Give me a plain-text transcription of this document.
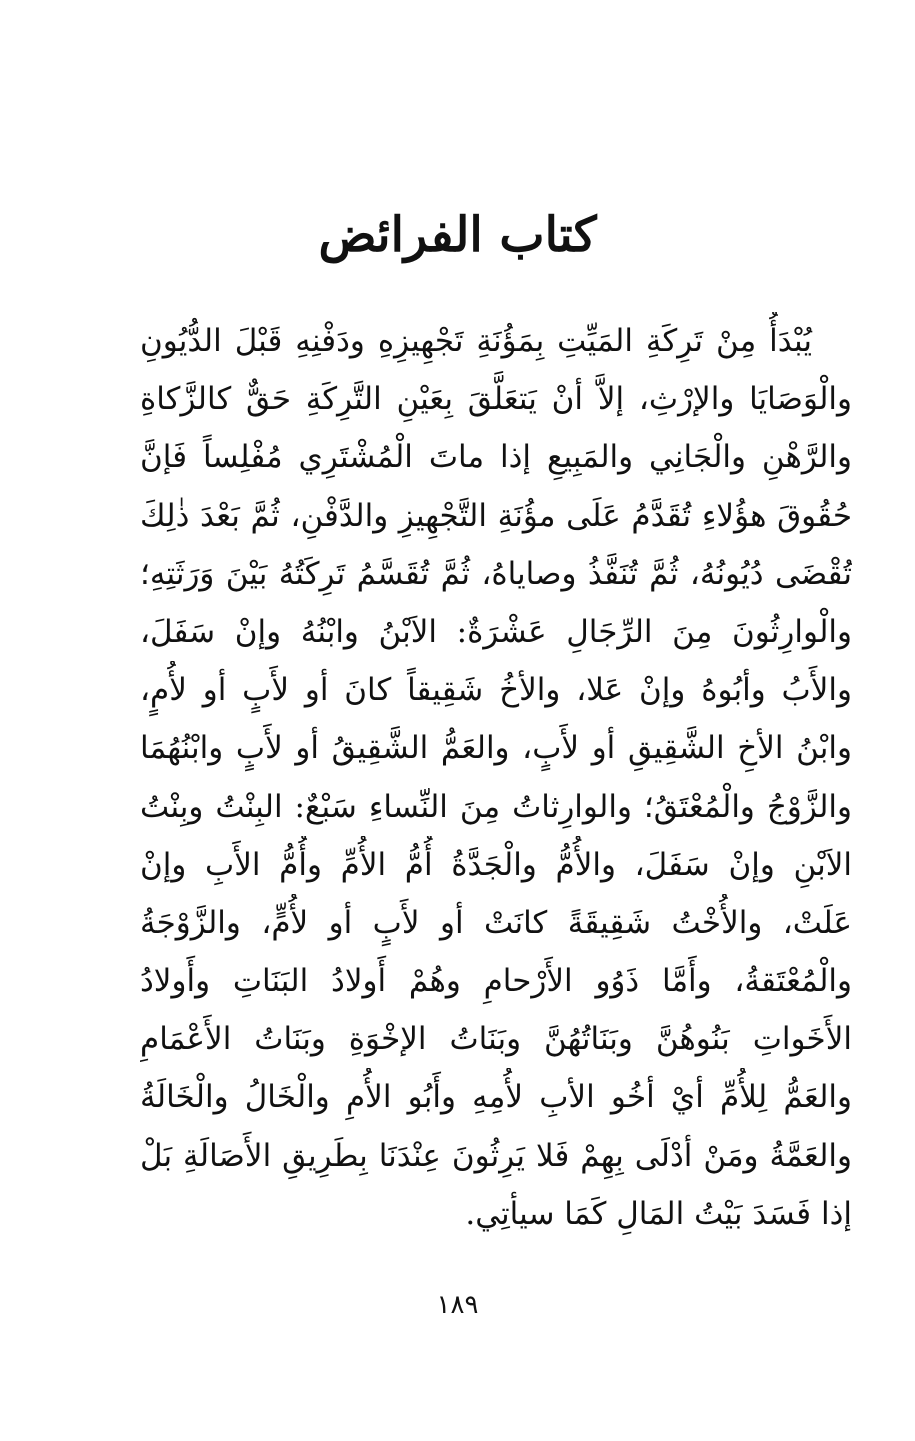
كتاب الفرائض
يُبْدَأُ مِنْ تَرِكَةِ المَيِّتِ بِمَؤُنَةِ تَجْهِيزِهِ ودَفْنِهِ قَبْلَ الدُّيُونِ
والْوَصَايَا والإرْثِ، إلاَّ أنْ يَتعَلَّقَ بِعَيْنِ التَّرِكَةِ حَقٌّ كالزَّكاةِ
والرَّهْنِ والْجَانِي والمَبِيعِ إذا ماتَ الْمُشْتَرِي مُفْلِساً فَإنَّ
حُقُوقَ هؤُلاءِ تُقَدَّمُ عَلَى مؤُنَةِ التَّجْهِيزِ والدَّفْنِ، ثُمَّ بَعْدَ ذٰلِكَ
تُقْضَى دُيُونُهُ، ثُمَّ تُنَفَّذُ وصاياهُ، ثُمَّ تُقَسَّمُ تَرِكَتُهُ بَيْنَ وَرَثَتِهِ؛
والْوارِثُونَ مِنَ الرِّجَالِ عَشْرَةٌ: الاَبْنُ وابْنُهُ وإنْ سَفَلَ،
والأَبُ وأبُوهُ وإنْ عَلا، والأخُ شَقِيقاً كانَ أو لأَبٍ أو لأُمٍ،
وابْنُ الأخِ الشَّقِيقِ أو لأَبٍ، والعَمُّ الشَّقِيقُ أو لأَبٍ وابْنُهُمَا
والزَّوْجُ والْمُعْتَقُ؛ والوارِثاتُ مِنَ النِّساءِ سَبْعٌ: البِنْتُ وبِنْتُ
الاَبْنِ وإنْ سَفَلَ، والأُمُّ والْجَدَّةُ أُمُّ الأُمِّ وأُمُّ الأَبِ وإنْ
عَلَتْ، والأُخْتُ شَقِيقَةً كانَتْ أو لأَبٍ أو لأُمٍّ، والزَّوْجَةُ
والْمُعْتَقةُ، وأَمَّا ذَوُو الأَرْحامِ وهُمْ أَولادُ البَنَاتِ وأَولادُ
الأَخَواتِ بَنُوهُنَّ وبَنَاتُهُنَّ وبَنَاتُ الإخْوَةِ وبَنَاتُ الأَعْمَامِ
والعَمُّ لِلأُمِّ أيْ أخُو الأبِ لأُمِهِ وأَبُو الأُمِ والْخَالُ والْخَالَةُ
والعَمَّةُ ومَنْ أدْلَى بِهِمْ فَلا يَرِثُونَ عِنْدَنَا بِطَرِيقِ الأَصَالَةِ بَلْ
إذا فَسَدَ بَيْتُ المَالِ كَمَا سيأتِي.
١٨٩
